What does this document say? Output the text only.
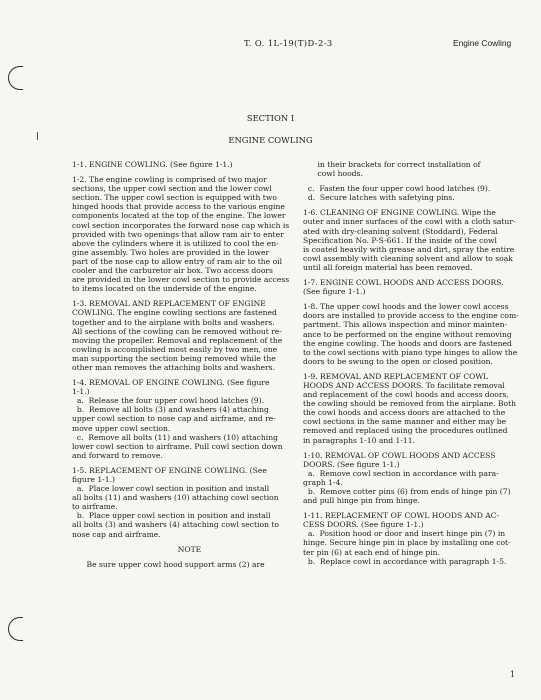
T. O. 1L-19(T)D-2-3	Engine Cowling
SECTION I
ENGINE COWLING
1-1. ENGINE COWLING. (See figure 1-1.)
1-2. The engine cowling is comprised of two major
sections, the upper cowl section and the lower cowl
section. The upper cowl section is equipped with two
hinged hoods that provide access to the various engine
components located at the top of the engine. The lower
cowl section incorporates the forward nose cap which is
provided with two openings that allow ram air to enter
above the cylinders where it is utilized to cool the en-
gine assembly. Two holes are provided in the lower
part of the nose cap to allow entry of ram air to the oil
cooler and the carburetor air box. Two access doors
are provided in the lower cowl section to provide access
to items located on the underside of the engine.
1-3. REMOVAL AND REPLACEMENT OF ENGINE
COWLING. The engine cowling sections are fastened
together and to the airplane with bolts and washers.
All sections of the cowling can be removed without re-
moving the propeller. Removal and replacement of the
cowling is accomplished most easily by two men, one
man supporting the section being removed while the
other man removes the attaching bolts and washers.
1-4. REMOVAL OF ENGINE COWLING. (See figure
1-1.)
a.  Release the four upper cowl hood latches (9).
b.  Remove all bolts (3) and washers (4) attaching
upper cowl section to nose cap and airframe, and re-
move upper cowl section.
c.  Remove all bolts (11) and washers (10) attaching
lower cowl section to airframe. Pull cowl section down
and forward to remove.
1-5. REPLACEMENT OF ENGINE COWLING. (See
figure 1-1.)
a.  Place lower cowl section in position and install
all bolts (11) and washers (10) attaching cowl section
to airframe.
b.  Place upper cowl section in position and install
all bolts (3) and washers (4) attaching cowl section to
nose cap and airframe.
NOTE
Be sure upper cowl hood support arms (2) are
in their brackets for correct installation of
cowl hoods.
c.  Fasten the four upper cowl hood latches (9).
d.  Secure latches with safetying pins.
1-6. CLEANING OF ENGINE COWLING. Wipe the
outer and inner surfaces of the cowl with a cloth satur-
ated with dry-cleaning solvent (Stoddard), Federal
Specification No. P-S-661. If the inside of the cowl
is coated heavily with grease and dirt, spray the entire
cowl assembly with cleaning solvent and allow to soak
until all foreign material has been removed.
1-7. ENGINE COWL HOODS AND ACCESS DOORS.
(See figure 1-1.)
1-8. The upper cowl hoods and the lower cowl access
doors are installed to provide access to the engine com-
partment. This allows inspection and minor mainten-
ance to be performed on the engine without removing
the engine cowling. The hoods and doors are fastened
to the cowl sections with piano type hinges to allow the
doors to be swung to the open or closed position.
1-9. REMOVAL AND REPLACEMENT OF COWL
HOODS AND ACCESS DOORS. To facilitate removal
and replacement of the cowl hoods and access doors,
the cowling should be removed from the airplane. Both
the cowl hoods and access doors are attached to the
cowl sections in the same manner and either may be
removed and replaced using the procedures outlined
in paragraphs 1-10 and 1-11.
1-10. REMOVAL OF COWL HOODS AND ACCESS
DOORS. (See figure 1-1.)
a.  Remove cowl section in accordance with para-
graph 1-4.
b.  Remove cotter pins (6) from ends of hinge pin (7)
and pull hinge pin from hinge.
1-11. REPLACEMENT OF COWL HOODS AND AC-
CESS DOORS. (See figure 1-1.)
a.  Position hood or door and insert hinge pin (7) in
hinge. Secure hinge pin in place by installing one cot-
ter pin (6) at each end of hinge pin.
b.  Replace cowl in accordance with paragraph 1-5.
1
